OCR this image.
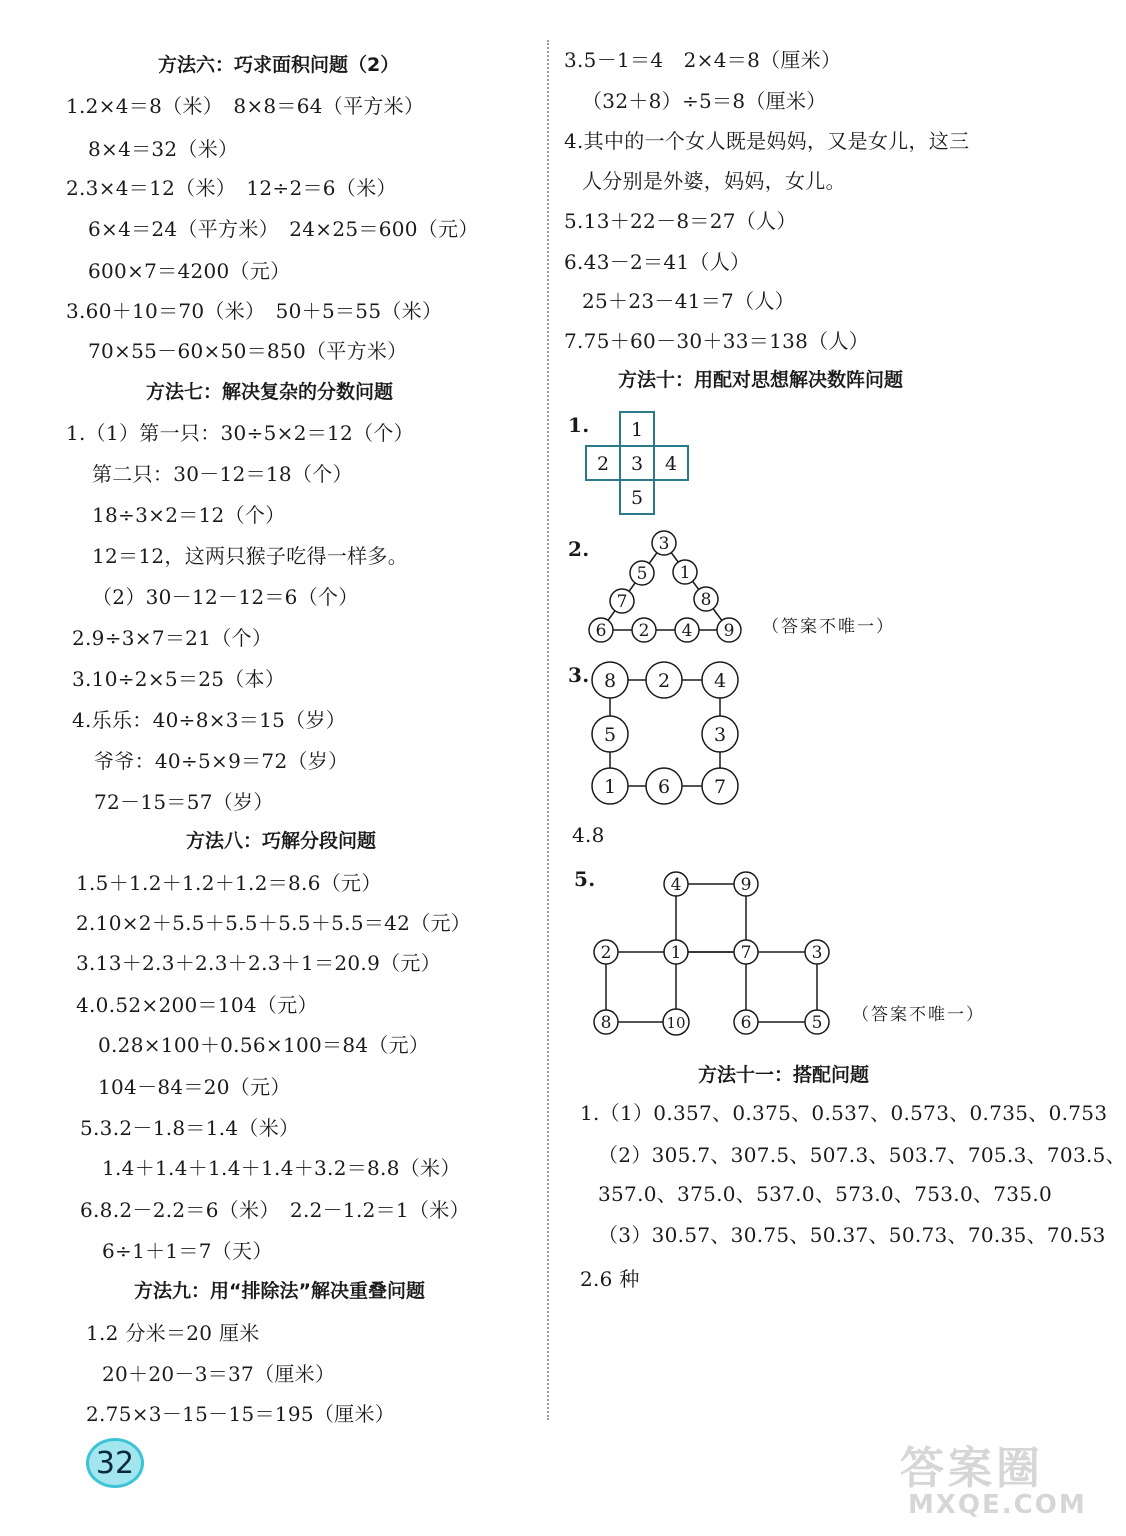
方法六：巧求面积问题（2）
1.2×4＝8（米）　8×8＝64（平方米）
8×4＝32（米）
2.3×4＝12（米）　12÷2＝6（米）
6×4＝24（平方米）　24×25＝600（元）
600×7＝4200（元）
3.60＋10＝70（米）　50＋5＝55（米）
70×55－60×50＝850（平方米）
方法七：解决复杂的分数问题
1.（1）第一只：30÷5×2＝12（个）
第二只：30－12＝18（个）
18÷3×2＝12（个）
12＝12，这两只猴子吃得一样多。
（2）30－12－12＝6（个）
2.9÷3×7＝21（个）
3.10÷2×5＝25（本）
4.乐乐：40÷8×3＝15（岁）
爷爷：40÷5×9＝72（岁）
72－15＝57（岁）
方法八：巧解分段问题
1.5＋1.2＋1.2＋1.2＝8.6（元）
2.10×2＋5.5＋5.5＋5.5＋5.5＝42（元）
3.13＋2.3＋2.3＋2.3＋1＝20.9（元）
4.0.52×200＝104（元）
0.28×100＋0.56×100＝84（元）
104－84＝20（元）
5.3.2－1.8＝1.4（米）
1.4＋1.4＋1.4＋1.4＋3.2＝8.8（米）
6.8.2－2.2＝6（米）　2.2－1.2＝1（米）
6÷1＋1＝7（天）
方法九：用“排除法”解决重叠问题
1.2 分米＝20 厘米
20＋20－3＝37（厘米）
2.75×3－15－15＝195（厘米）
3.5－1＝4　2×4＝8（厘米）
（32＋8）÷5＝8（厘米）
4.其中的一个女人既是妈妈，又是女儿，这三
人分别是外婆，妈妈，女儿。
5.13＋22－8＝27（人）
6.43－2＝41（人）
25＋23－41＝7（人）
7.75＋60－30＋33＝138（人）
方法十：用配对思想解决数阵问题
1. 1
2 3 4
5
2.	3
5 1
7	8
6 2 4 9 （答案不唯一）
3. 8 2 4
5	3
1 6 7
4.8
5.	4	9
2	1	7	3
8	10	6	5 （答案不唯一）
方法十一：搭配问题
1.（1）0.357、0.375、0.537、0.573、0.735、0.753
（2）305.7、307.5、507.3、503.7、705.3、703.5、
357.0、375.0、537.0、573.0、753.0、735.0
（3）30.57、30.75、50.37、50.73、70.35、70.53
2.6 种
32	答案圈
MXQE.COM
